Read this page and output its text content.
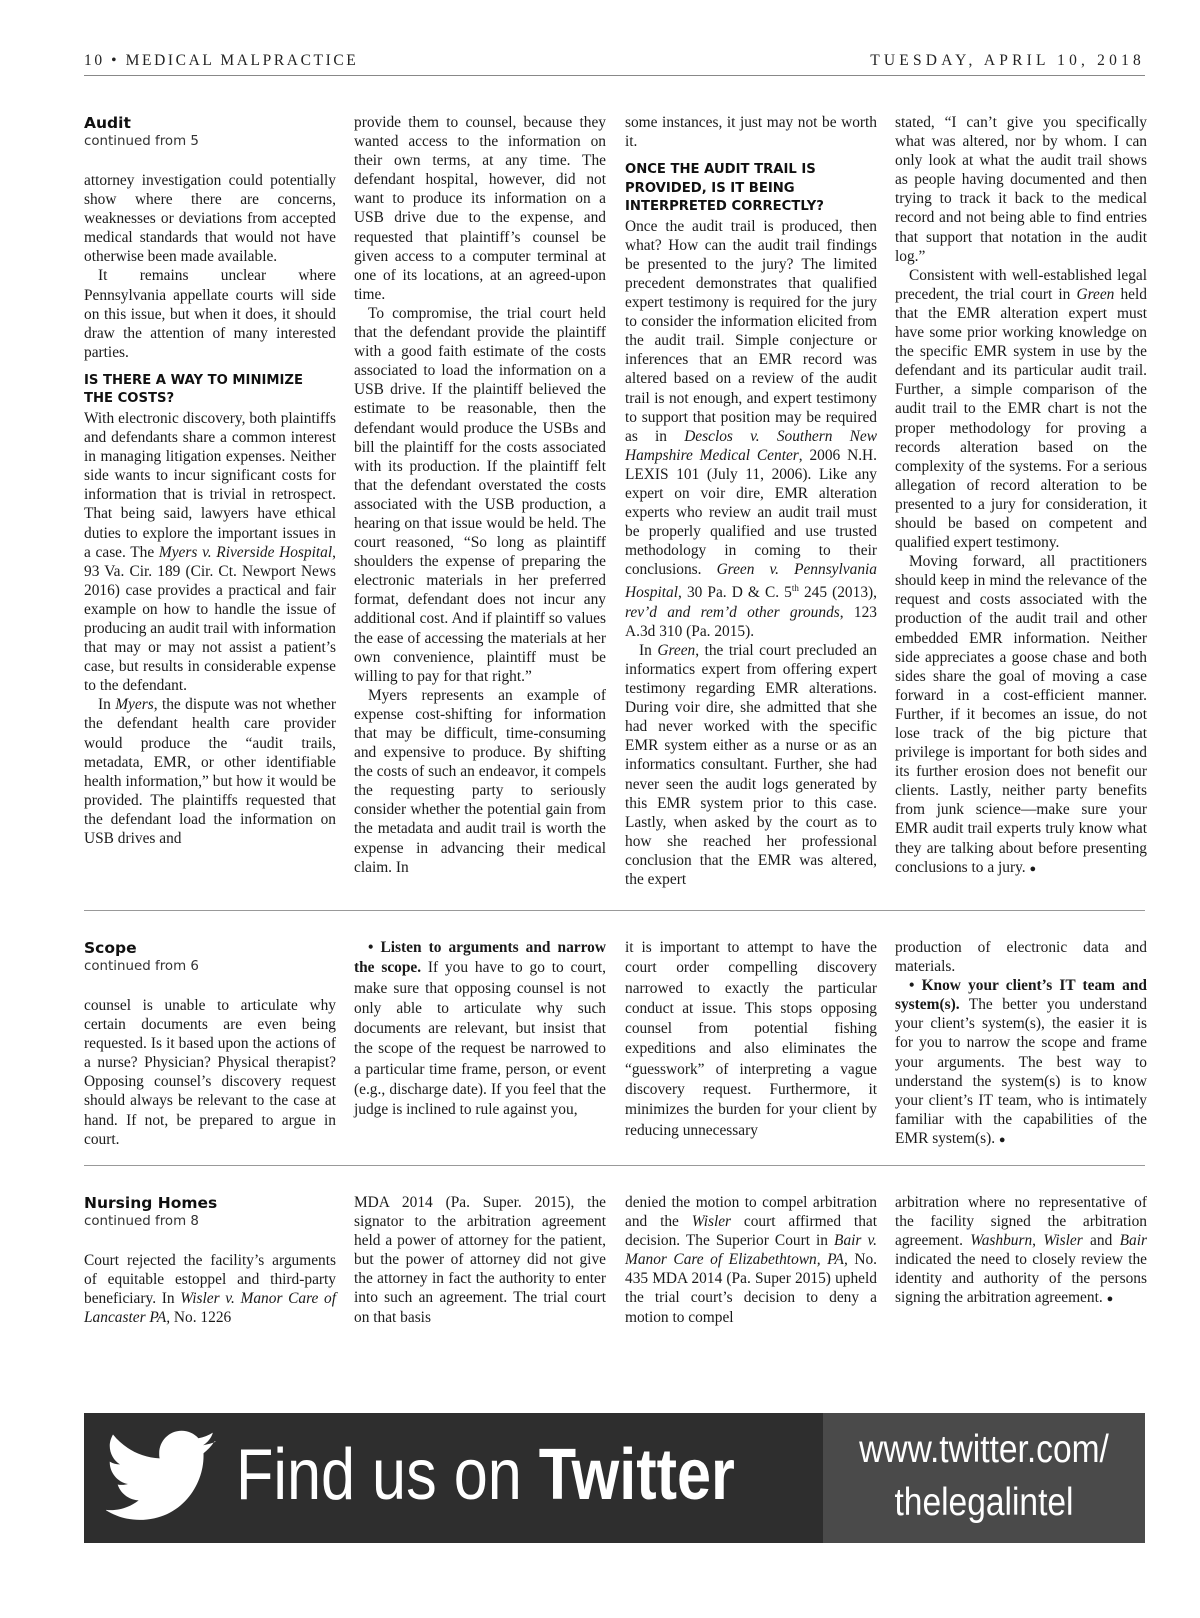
10 • MEDICAL MALPRACTICE	TUESDAY, APRIL 10, 2018
Audit
continued from 5

attorney investigation could potentially show where there are concerns, weaknesses or deviations from accepted medical standards that would not have otherwise been made available.

It remains unclear where Pennsylvania appellate courts will side on this issue, but when it does, it should draw the attention of many interested parties.

IS THERE A WAY TO MINIMIZE THE COSTS?

With electronic discovery, both plaintiffs and defendants share a common interest in managing litigation expenses. Neither side wants to incur significant costs for information that is trivial in retrospect. That being said, lawyers have ethical duties to explore the important issues in a case. The Myers v. Riverside Hospital, 93 Va. Cir. 189 (Cir. Ct. Newport News 2016) case provides a practical and fair example on how to handle the issue of producing an audit trail with information that may or may not assist a patient’s case, but results in considerable expense to the defendant.

In Myers, the dispute was not whether the defendant health care provider would produce the “audit trails, metadata, EMR, or other identifiable health information,” but how it would be provided. The plaintiffs requested that the defendant load the information on USB drives and

provide them to counsel, because they wanted access to the information on their own terms, at any time. The defendant hospital, however, did not want to produce its information on a USB drive due to the expense, and requested that plaintiff’s counsel be given access to a computer terminal at one of its locations, at an agreed-upon time.

To compromise, the trial court held that the defendant provide the plaintiff with a good faith estimate of the costs associated to load the information on a USB drive. If the plaintiff believed the estimate to be reasonable, then the defendant would produce the USBs and bill the plaintiff for the costs associated with its production. If the plaintiff felt that the defendant overstated the costs associated with the USB production, a hearing on that issue would be held. The court reasoned, “So long as plaintiff shoulders the expense of preparing the electronic materials in her preferred format, defendant does not incur any additional cost. And if plaintiff so values the ease of accessing the materials at her own convenience, plaintiff must be willing to pay for that right.”

Myers represents an example of expense cost-shifting for information that may be difficult, time-consuming and expensive to produce. By shifting the costs of such an endeavor, it compels the requesting party to seriously consider whether the potential gain from the metadata and audit trail is worth the expense in advancing their medical claim. In

some instances, it just may not be worth it.

ONCE THE AUDIT TRAIL IS PROVIDED, IS IT BEING INTERPRETED CORRECTLY?

Once the audit trail is produced, then what? How can the audit trail findings be presented to the jury? The limited precedent demonstrates that qualified expert testimony is required for the jury to consider the information elicited from the audit trail. Simple conjecture or inferences that an EMR record was altered based on a review of the audit trail is not enough, and expert testimony to support that position may be required as in Desclos v. Southern New Hampshire Medical Center, 2006 N.H. LEXIS 101 (July 11, 2006). Like any expert on voir dire, EMR alteration experts who review an audit trail must be properly qualified and use trusted methodology in coming to their conclusions. Green v. Pennsylvania Hospital, 30 Pa. D & C. 5th 245 (2013), rev’d and rem’d other grounds, 123 A.3d 310 (Pa. 2015).

In Green, the trial court precluded an informatics expert from offering expert testimony regarding EMR alterations. During voir dire, she admitted that she had never worked with the specific EMR system either as a nurse or as an informatics consultant. Further, she had never seen the audit logs generated by this EMR system prior to this case. Lastly, when asked by the court as to how she reached her professional conclusion that the EMR was altered, the expert

stated, “I can’t give you specifically what was altered, nor by whom. I can only look at what the audit trail shows as people having documented and then trying to track it back to the medical record and not being able to find entries that support that notation in the audit log.”

Consistent with well-established legal precedent, the trial court in Green held that the EMR alteration expert must have some prior working knowledge on the specific EMR system in use by the defendant and its particular audit trail. Further, a simple comparison of the audit trail to the EMR chart is not the proper methodology for proving a records alteration based on the complexity of the systems. For a serious allegation of record alteration to be presented to a jury for consideration, it should be based on competent and qualified expert testimony.

Moving forward, all practitioners should keep in mind the relevance of the request and costs associated with the production of the audit trail and other embedded EMR information. Neither side appreciates a goose chase and both sides share the goal of moving a case forward in a cost-efficient manner. Further, if it becomes an issue, do not lose track of the big picture that privilege is important for both sides and its further erosion does not benefit our clients. Lastly, neither party benefits from junk science—make sure your EMR audit trail experts truly know what they are talking about before presenting conclusions to a jury. ●

Scope
continued from 6

counsel is unable to articulate why certain documents are even being requested. Is it based upon the actions of a nurse? Physician? Physical therapist? Opposing counsel’s discovery request should always be relevant to the case at hand. If not, be prepared to argue in court.

• Listen to arguments and narrow the scope. If you have to go to court, make sure that opposing counsel is not only able to articulate why such documents are relevant, but insist that the scope of the request be narrowed to a particular time frame, person, or event (e.g., discharge date). If you feel that the judge is inclined to rule against you,

it is important to attempt to have the court order compelling discovery narrowed to exactly the particular conduct at issue. This stops opposing counsel from potential fishing expeditions and also eliminates the “guesswork” of interpreting a vague discovery request. Furthermore, it minimizes the burden for your client by reducing unnecessary

production of electronic data and materials.

• Know your client’s IT team and system(s). The better you understand your client’s system(s), the easier it is for you to narrow the scope and frame your arguments. The best way to understand the system(s) is to know your client’s IT team, who is intimately familiar with the capabilities of the EMR system(s). ●

Nursing Homes
continued from 8

Court rejected the facility’s arguments of equitable estoppel and third-party beneficiary. In Wisler v. Manor Care of Lancaster PA, No. 1226

MDA 2014 (Pa. Super. 2015), the signator to the arbitration agreement held a power of attorney for the patient, but the power of attorney did not give the attorney in fact the authority to enter into such an agreement. The trial court on that basis

denied the motion to compel arbitration and the Wisler court affirmed that decision. The Superior Court in Bair v. Manor Care of Elizabethtown, PA, No. 435 MDA 2014 (Pa. Super 2015) upheld the trial court’s decision to deny a motion to compel

arbitration where no representative of the facility signed the arbitration agreement. Washburn, Wisler and Bair indicated the need to closely review the identity and authority of the persons signing the arbitration agreement. ●

Find us on Twitter	www.twitter.com/
thelegalintel
